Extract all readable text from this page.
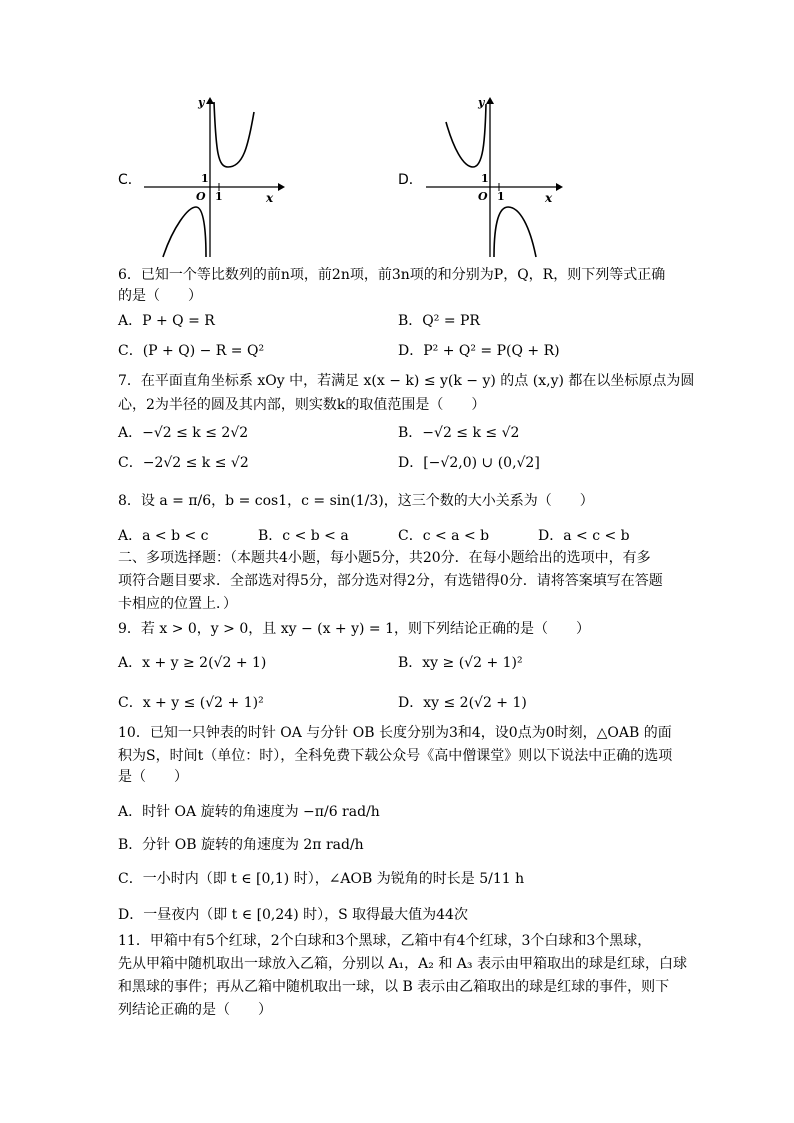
C．
y
x
O 1
1	D．
y
x
O 1
1
6．已知一个等比数列的前n项，前2n项，前3n项的和分别为P，Q，R，则下列等式正确
的是（　　）
A．P + Q = R	B．Q² = PR
C．(P + Q) − R = Q²	D．P² + Q² = P(Q + R)
7．在平面直角坐标系 xOy 中，若满足 x(x − k) ≤ y(k − y) 的点 (x,y) 都在以坐标原点为圆
心，2为半径的圆及其内部，则实数k的取值范围是（　　）
A．−√2 ≤ k ≤ 2√2	B．−√2 ≤ k ≤ √2
C．−2√2 ≤ k ≤ √2	D．[−√2,0) ∪ (0,√2]
8．设 a = π/6，b = cos1，c = sin(1/3)，这三个数的大小关系为（　　）
A．a < b < c	B．c < b < a	C．c < a < b	D．a < c < b
二、多项选择题：（本题共4小题，每小题5分，共20分．在每小题给出的选项中，有多
项符合题目要求．全部选对得5分，部分选对得2分，有选错得0分．请将答案填写在答题
卡相应的位置上．）
9．若 x > 0，y > 0，且 xy − (x + y) = 1，则下列结论正确的是（　　）
A．x + y ≥ 2(√2 + 1)	B．xy ≥ (√2 + 1)²
C．x + y ≤ (√2 + 1)²	D．xy ≤ 2(√2 + 1)
10．已知一只钟表的时针 OA 与分针 OB 长度分别为3和4，设0点为0时刻，△OAB 的面
积为S，时间t（单位：时），全科免费下载公众号《高中僧课堂》则以下说法中正确的选项
是（　　）
A．时针 OA 旋转的角速度为 −π/6 rad/h
B．分针 OB 旋转的角速度为 2π rad/h
C．一小时内（即 t ∈ [0,1) 时），∠AOB 为锐角的时长是 5/11 h
D．一昼夜内（即 t ∈ [0,24) 时），S 取得最大值为44次
11．甲箱中有5个红球，2个白球和3个黑球，乙箱中有4个红球，3个白球和3个黑球，
先从甲箱中随机取出一球放入乙箱，分别以 A₁，A₂ 和 A₃ 表示由甲箱取出的球是红球，白球
和黑球的事件；再从乙箱中随机取出一球，以 B 表示由乙箱取出的球是红球的事件，则下
列结论正确的是（　　）
